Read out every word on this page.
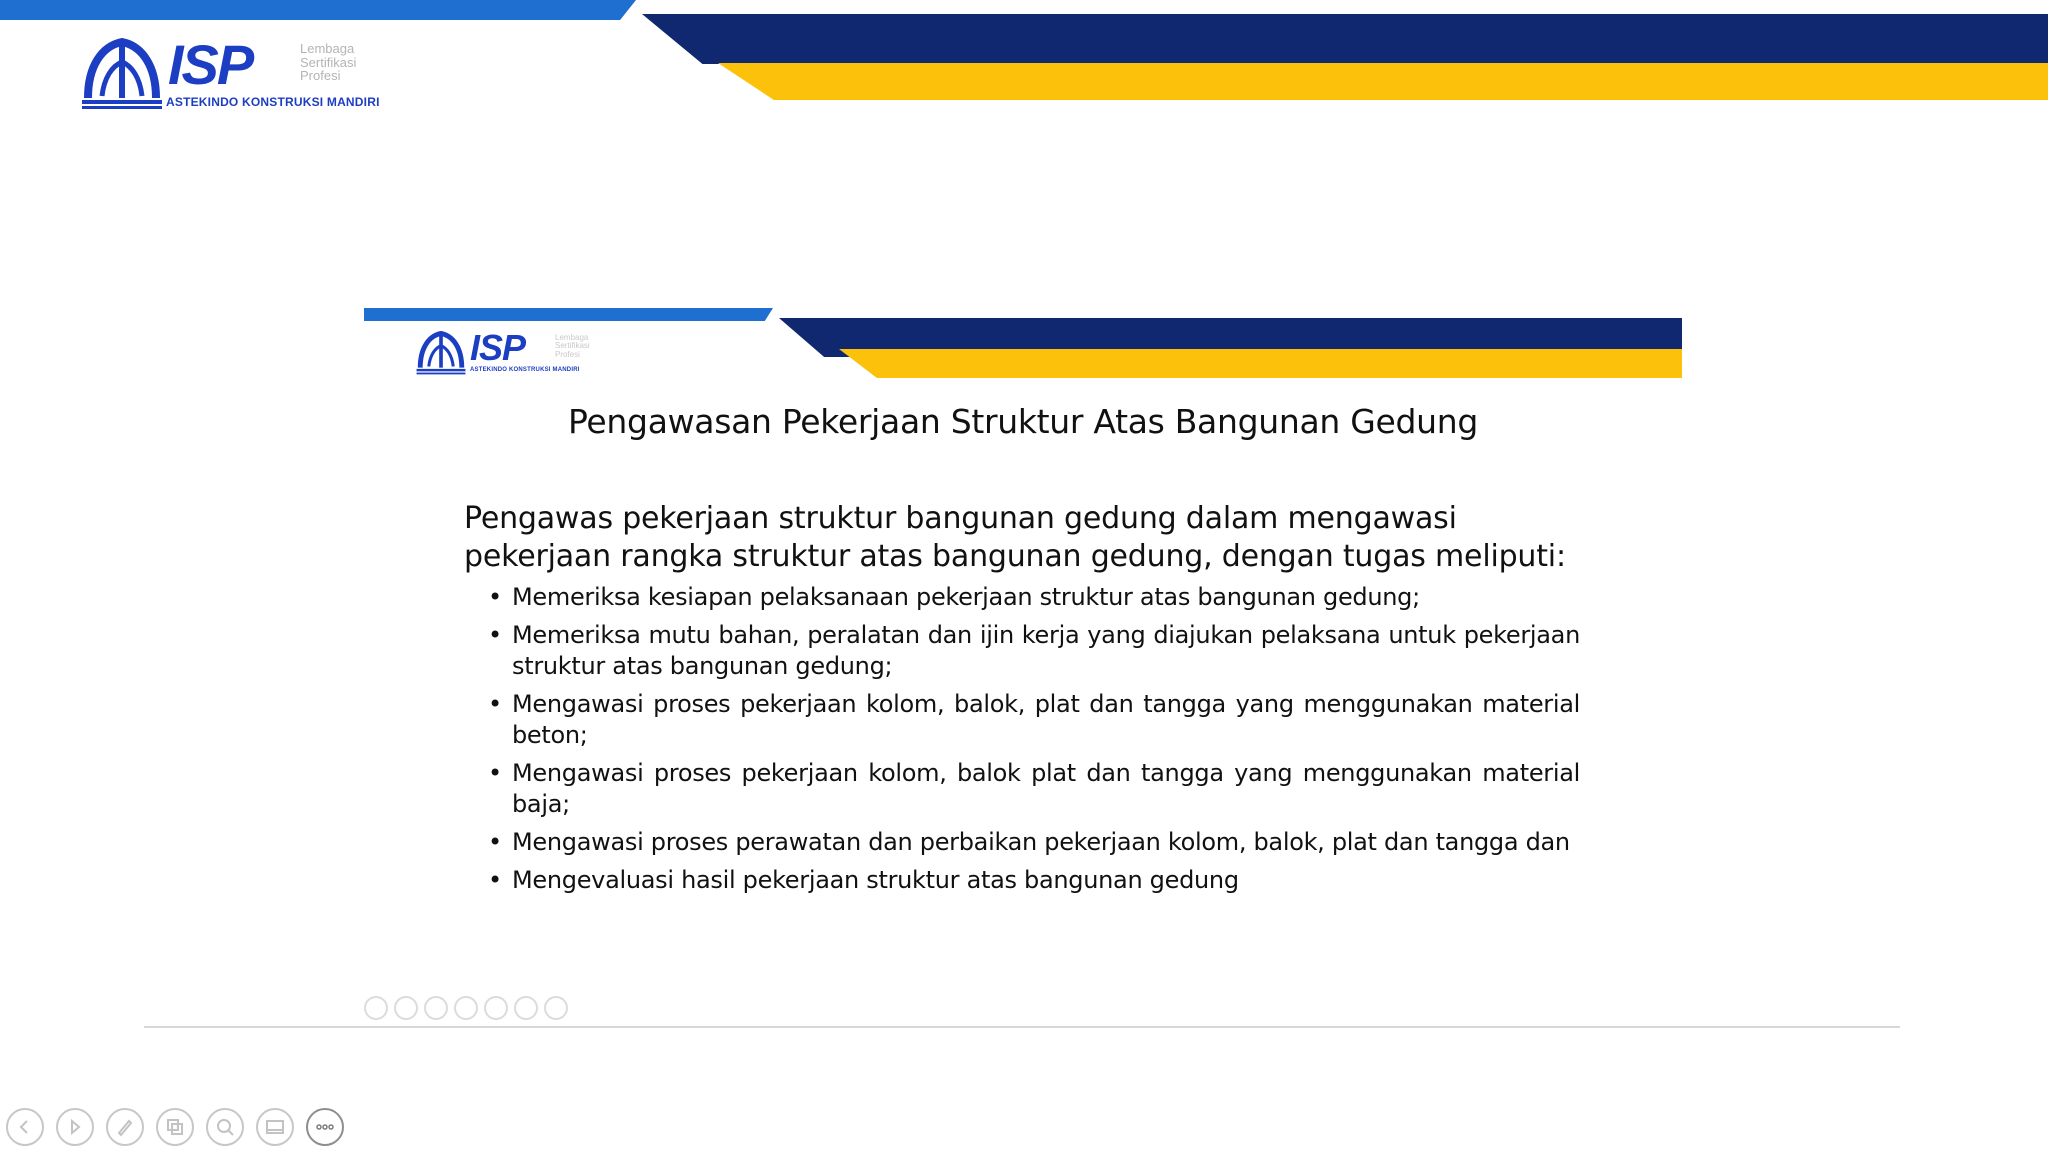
ISP	Lembaga
Sertifikasi
Profesi
ASTEKINDO KONSTRUKSI MANDIRI
Pengawasan Pekerjaan Struktur Atas Bangunan Gedung
Pengawas pekerjaan struktur bangunan gedung dalam mengawasi pekerjaan rangka struktur atas bangunan gedung, dengan tugas meliputi:
• Memeriksa kesiapan pelaksanaan pekerjaan struktur atas bangunan gedung;
• Memeriksa mutu bahan, peralatan dan ijin kerja yang diajukan pelaksana untuk pekerjaan struktur atas bangunan gedung;
• Mengawasi proses pekerjaan kolom, balok, plat dan tangga yang menggunakan material beton;
• Mengawasi proses pekerjaan kolom, balok plat dan tangga yang menggunakan material baja;
• Mengawasi proses perawatan dan perbaikan pekerjaan kolom, balok, plat dan tangga dan
• Mengevaluasi hasil pekerjaan struktur atas bangunan gedung
ISP	Lembaga
Sertifikasi
Profesi
ASTEKINDO KONSTRUKSI MANDIRI
